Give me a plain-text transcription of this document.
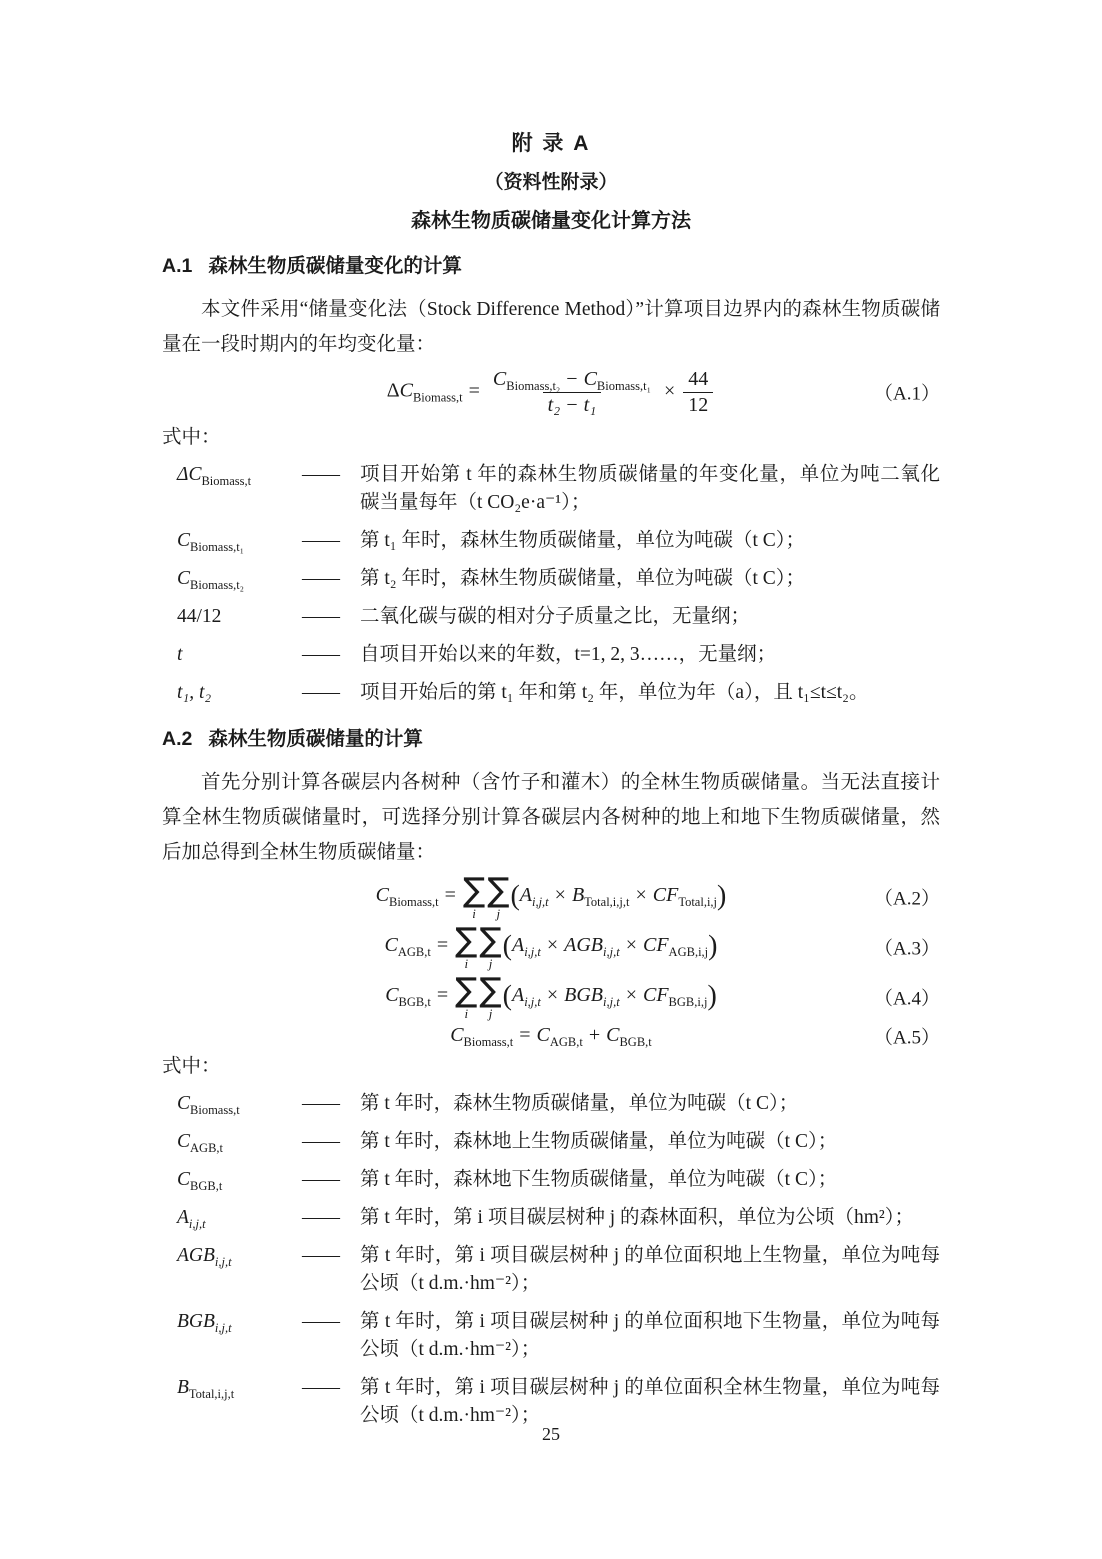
附 录 A
（资料性附录）
森林生物质碳储量变化计算方法
A.1 森林生物质碳储量变化的计算

本文件采用“储量变化法（Stock Difference Method）”计算项目边界内的森林生物质碳储量在一段时期内的年均变化量：

$\Delta C_{Biomass,t} = \frac{C_{Biomass,t_2} - C_{Biomass,t_1}}{\text{t₂ − t₁}} \times \frac{44}{12}$	（A.1）
式中：
$\Delta C_{Biomass,t}$	——	项目开始第 t 年的森林生物质碳储量的年变化量，单位为吨二氧化碳当量每年（t CO₂e·a⁻¹）；
$C_{Biomass,t_1}$	——	第 t₁ 年时，森林生物质碳储量，单位为吨碳（t C）；
$C_{Biomass,t_2}$	——	第 t₂ 年时，森林生物质碳储量，单位为吨碳（t C）；
44/12	——	二氧化碳与碳的相对分子质量之比，无量纲；
t	——	自项目开始以来的年数，t=1, 2, 3……，无量纲；
t₁, t₂	——	项目开始后的第 t₁ 年和第 t₂ 年，单位为年（a），且 t₁≤t≤t₂。
A.2 森林生物质碳储量的计算

首先分别计算各碳层内各树种（含竹子和灌木）的全林生物质碳储量。当无法直接计算全林生物质碳储量时，可选择分别计算各碳层内各树种的地上和地下生物质碳储量，然后加总得到全林生物质碳储量：

$C_{Biomass,t}$ = ∑
i
∑
j
$(A_{i,j,t} \times B_{Total,i,j,t} \times CF_{Total,i,j})$	（A.2）
$C_{AGB,t}$ = ∑
i
∑
j
$(A_{i,j,t} \times AGB_{i,j,t} \times CF_{AGB,i,j})$	（A.3）
$C_{BGB,t}$ = ∑
i
∑
j
$(A_{i,j,t} \times BGB_{i,j,t} \times CF_{BGB,i,j})$	（A.4）
$C_{Biomass,t} = C_{AGB,t} + C_{BGB,t}$	（A.5）
式中：
$C_{Biomass,t}$	——	第 t 年时，森林生物质碳储量，单位为吨碳（t C）；
$C_{AGB,t}$	——	第 t 年时，森林地上生物质碳储量，单位为吨碳（t C）；
$C_{BGB,t}$	——	第 t 年时，森林地下生物质碳储量，单位为吨碳（t C）；
$A_{i,j,t}$	——	第 t 年时，第 i 项目碳层树种 j 的森林面积，单位为公顷（hm²）；
$AGB_{i,j,t}$	——	第 t 年时，第 i 项目碳层树种 j 的单位面积地上生物量，单位为吨每公顷（t d.m.·hm⁻²）；
$BGB_{i,j,t}$	——	第 t 年时，第 i 项目碳层树种 j 的单位面积地下生物量，单位为吨每公顷（t d.m.·hm⁻²）；
$B_{Total,i,j,t}$	——	第 t 年时，第 i 项目碳层树种 j 的单位面积全林生物量，单位为吨每公顷（t d.m.·hm⁻²）；
25
